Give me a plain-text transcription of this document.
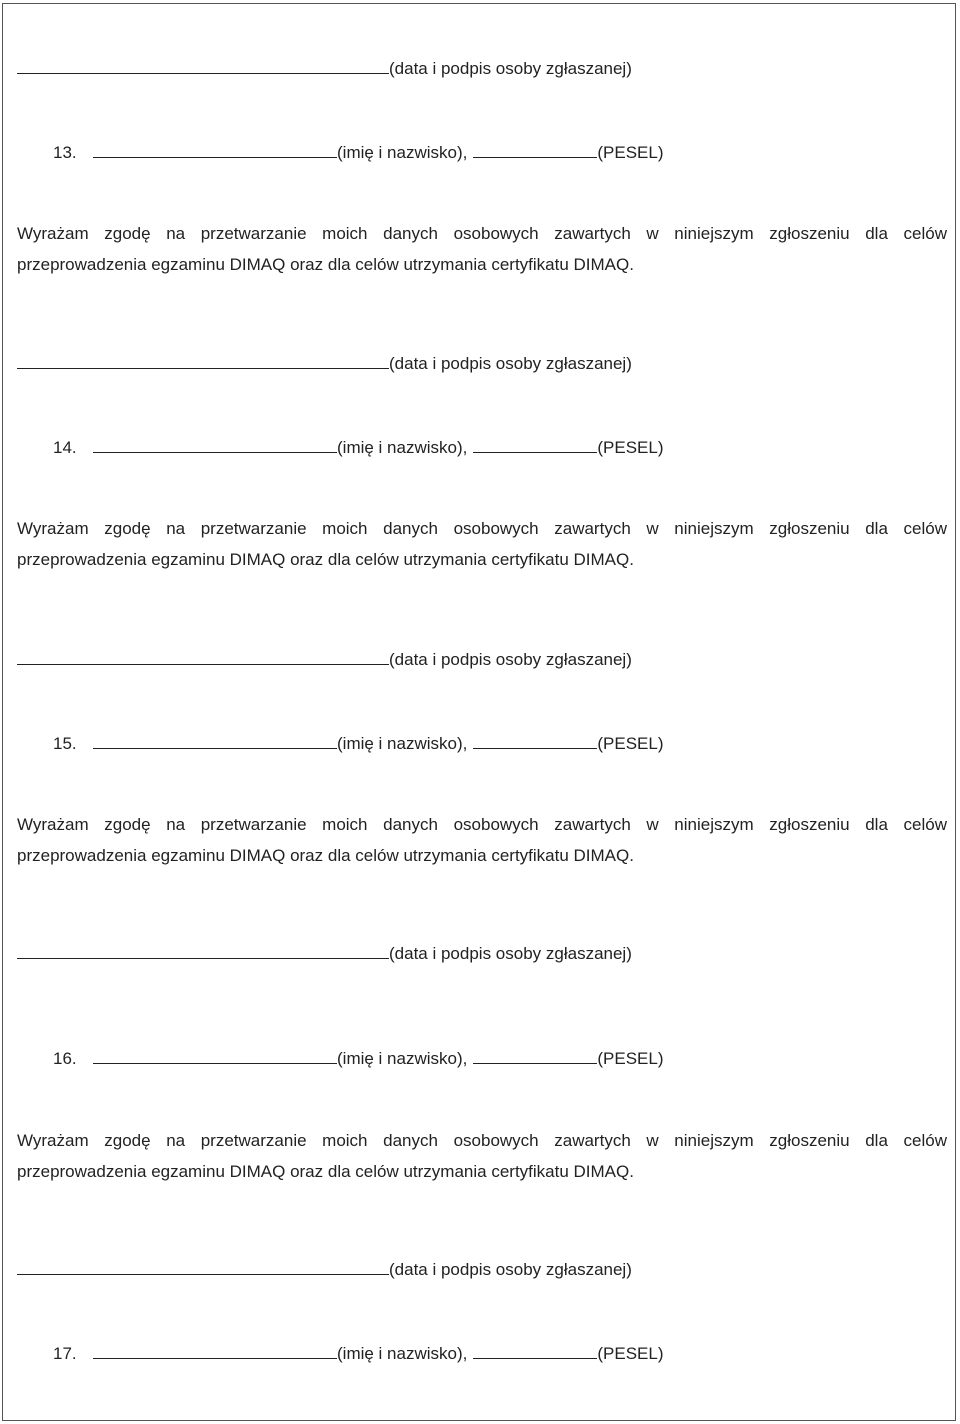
(data i podpis osoby zgłaszanej)
13.	(imię i nazwisko),	(PESEL)
Wyrażam zgodę na przetwarzanie moich danych osobowych zawartych w niniejszym zgłoszeniu dla celów
przeprowadzenia egzaminu DIMAQ oraz dla celów utrzymania certyfikatu DIMAQ.
(data i podpis osoby zgłaszanej)
14.	(imię i nazwisko),	(PESEL)
Wyrażam zgodę na przetwarzanie moich danych osobowych zawartych w niniejszym zgłoszeniu dla celów
przeprowadzenia egzaminu DIMAQ oraz dla celów utrzymania certyfikatu DIMAQ.
(data i podpis osoby zgłaszanej)
15.	(imię i nazwisko),	(PESEL)
Wyrażam zgodę na przetwarzanie moich danych osobowych zawartych w niniejszym zgłoszeniu dla celów
przeprowadzenia egzaminu DIMAQ oraz dla celów utrzymania certyfikatu DIMAQ.
(data i podpis osoby zgłaszanej)
16.	(imię i nazwisko),	(PESEL)
Wyrażam zgodę na przetwarzanie moich danych osobowych zawartych w niniejszym zgłoszeniu dla celów
przeprowadzenia egzaminu DIMAQ oraz dla celów utrzymania certyfikatu DIMAQ.
(data i podpis osoby zgłaszanej)
17.	(imię i nazwisko),	(PESEL)
